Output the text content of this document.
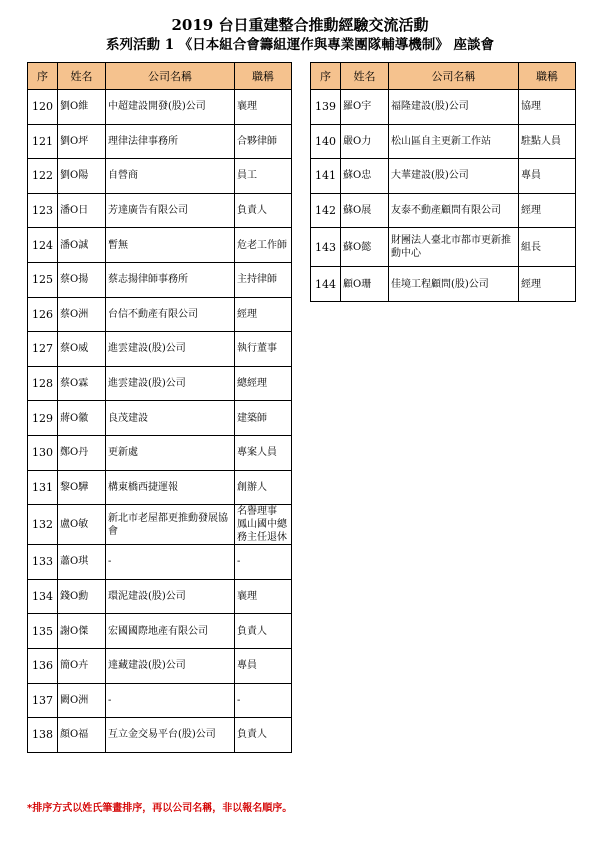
2019 台日重建整合推動經驗交流活動
系列活動 1 《日本組合會籌組運作與專業團隊輔導機制》 座談會
序	姓名	公司名稱	職稱
120	劉O維	中超建設開發(股)公司	襄理
121	劉O坪	理律法律事務所	合夥律師
122	劉O陽	自營商	員工
123	潘O日	芳達廣告有限公司	負責人
124	潘O誠	暫無	危老工作師
125	蔡O揚	蔡志揚律師事務所	主持律師
126	蔡O洲	台信不動產有限公司	經理
127	蔡O威	進雲建設(股)公司	執行董事
128	蔡O霖	進雲建設(股)公司	總經理
129	蔣O徽	良茂建設	建築師
130	鄭O丹	更新處	專案人員
131	黎O驊	構東橋西捷運報	創辦人
132	盧O敏	新北市老屋都更推動發展協會	名譽理事 鳳山國中總務主任退休
133	蕭O琪	-	-
134	錢O勳	環泥建設(股)公司	襄理
135	謝O傑	宏國國際地產有限公司	負責人
136	簡O卉	達藏建設(股)公司	專員
137	闕O洲	-	-
138	顏O福	互立金交易平台(股)公司	負責人
序	姓名	公司名稱	職稱
139	羅O宇	福隆建設(股)公司	協理
140	嚴O力	松山區自主更新工作站	駐點人員
141	蘇O忠	大華建設(股)公司	專員
142	蘇O展	友泰不動產顧問有限公司	經理
143	蘇O懿	財團法人臺北市都市更新推動中心	組長
144	顧O珊	佳境工程顧問(股)公司	經理
*排序方式以姓氏筆畫排序，再以公司名稱，非以報名順序。
